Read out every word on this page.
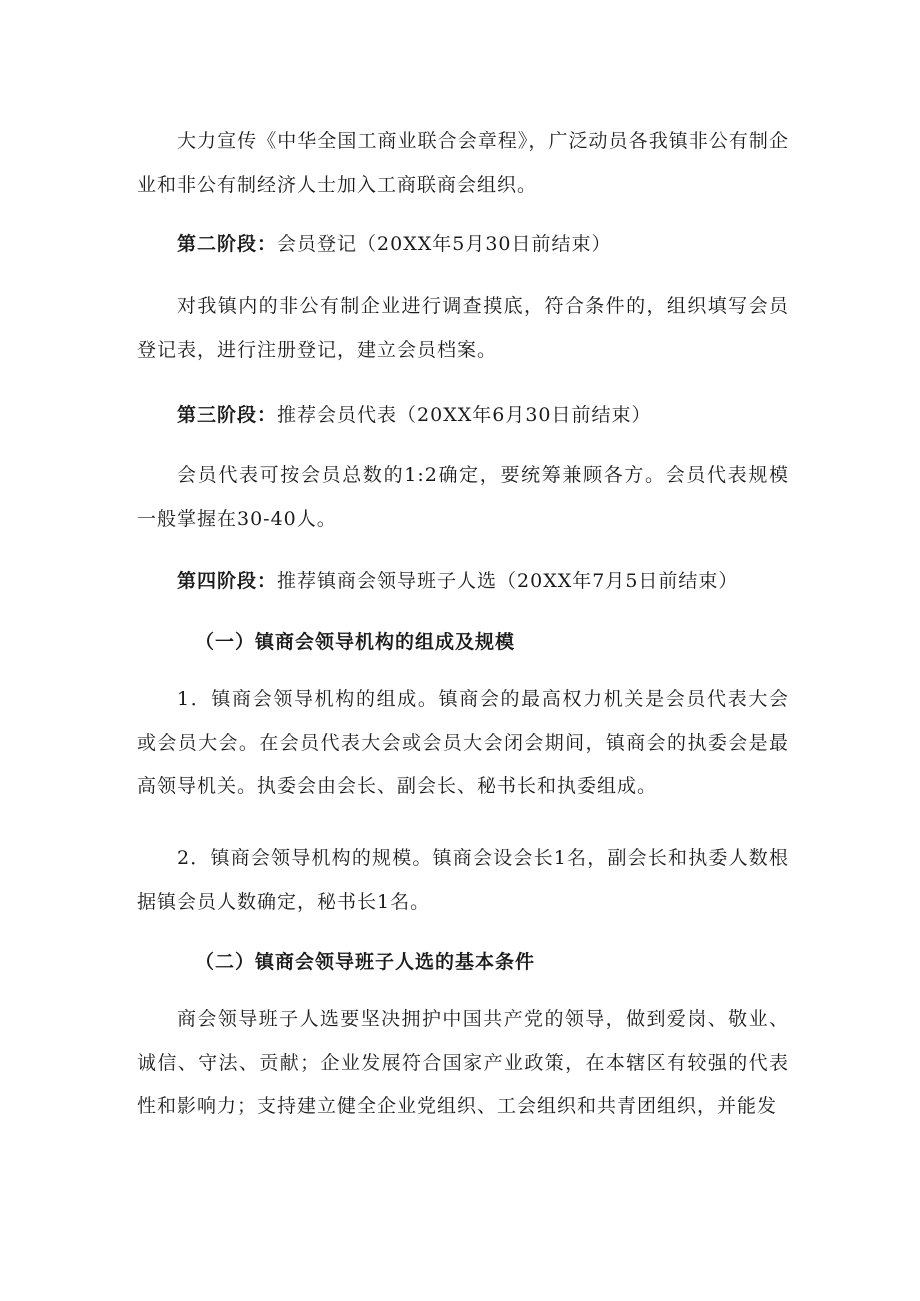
大力宣传《中华全国工商业联合会章程》，广泛动员各我镇非公有制企业和非公有制经济人士加入工商联商会组织。

第二阶段：会员登记（20XX年5月30日前结束）

对我镇内的非公有制企业进行调查摸底，符合条件的，组织填写会员登记表，进行注册登记，建立会员档案。

第三阶段：推荐会员代表（20XX年6月30日前结束）

会员代表可按会员总数的1:2确定，要统筹兼顾各方。会员代表规模一般掌握在30-40人。

第四阶段：推荐镇商会领导班子人选（20XX年7月5日前结束）

（一）镇商会领导机构的组成及规模

1．镇商会领导机构的组成。镇商会的最高权力机关是会员代表大会或会员大会。在会员代表大会或会员大会闭会期间，镇商会的执委会是最高领导机关。执委会由会长、副会长、秘书长和执委组成。

2．镇商会领导机构的规模。镇商会设会长1名，副会长和执委人数根据镇会员人数确定，秘书长1名。

（二）镇商会领导班子人选的基本条件

商会领导班子人选要坚决拥护中国共产党的领导，做到爱岗、敬业、诚信、守法、贡献；企业发展符合国家产业政策，在本辖区有较强的代表性和影响力；支持建立健全企业党组织、工会组织和共青团组织，并能发
